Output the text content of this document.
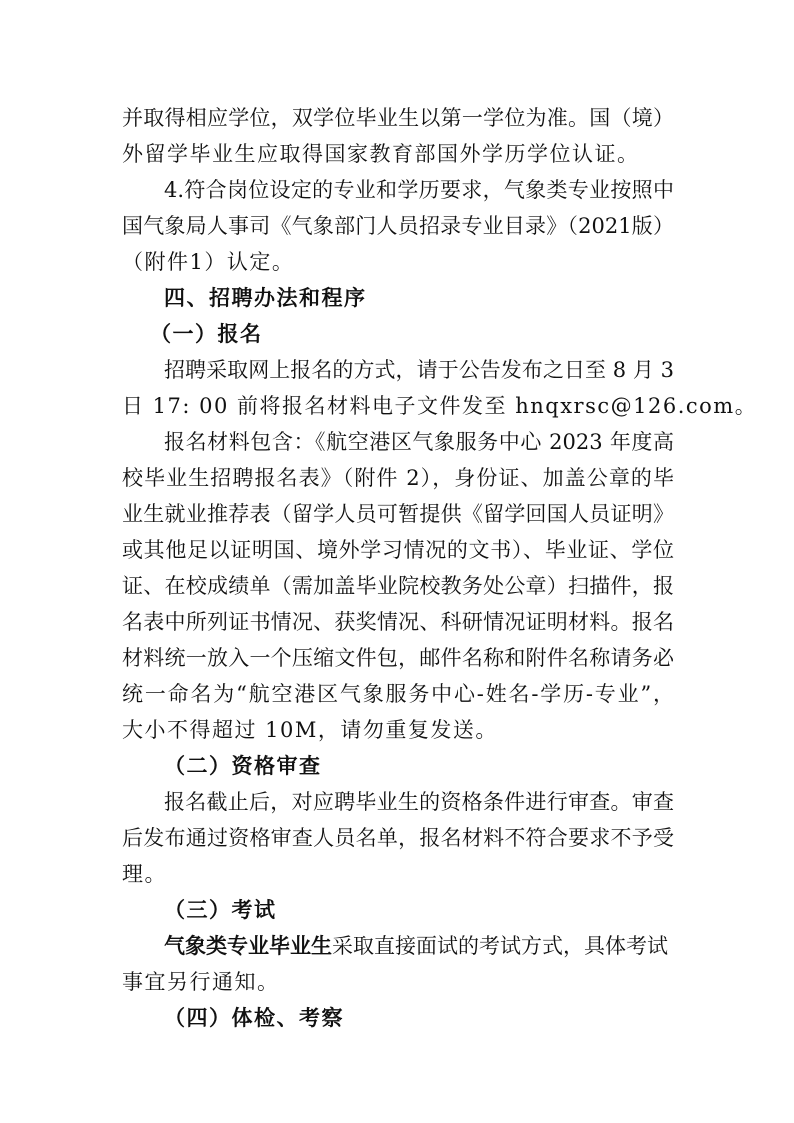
并取得相应学位，双学位毕业生以第一学位为准。国（境）
外留学毕业生应取得国家教育部国外学历学位认证。
4.符合岗位设定的专业和学历要求，气象类专业按照中
国气象局人事司《气象部门人员招录专业目录》（2021版）
（附件1）认定。
四、招聘办法和程序
（一）报名
招聘采取网上报名的方式，请于公告发布之日至 8 月 3
日 17: 00 前将报名材料电子文件发至 hnqxrsc@126.com。
报名材料包含：《航空港区气象服务中心 2023 年度高
校毕业生招聘报名表》（附件 2），身份证、加盖公章的毕
业生就业推荐表（留学人员可暂提供《留学回国人员证明》
或其他足以证明国、境外学习情况的文书）、毕业证、学位
证、在校成绩单（需加盖毕业院校教务处公章）扫描件，报
名表中所列证书情况、获奖情况、科研情况证明材料。报名
材料统一放入一个压缩文件包，邮件名称和附件名称请务必
统一命名为“航空港区气象服务中心-姓名-学历-专业”，
大小不得超过 10M，请勿重复发送。
（二）资格审查
报名截止后，对应聘毕业生的资格条件进行审查。审查
后发布通过资格审查人员名单，报名材料不符合要求不予受
理。
（三）考试
气象类专业毕业生采取直接面试的考试方式，具体考试
事宜另行通知。
（四）体检、考察
